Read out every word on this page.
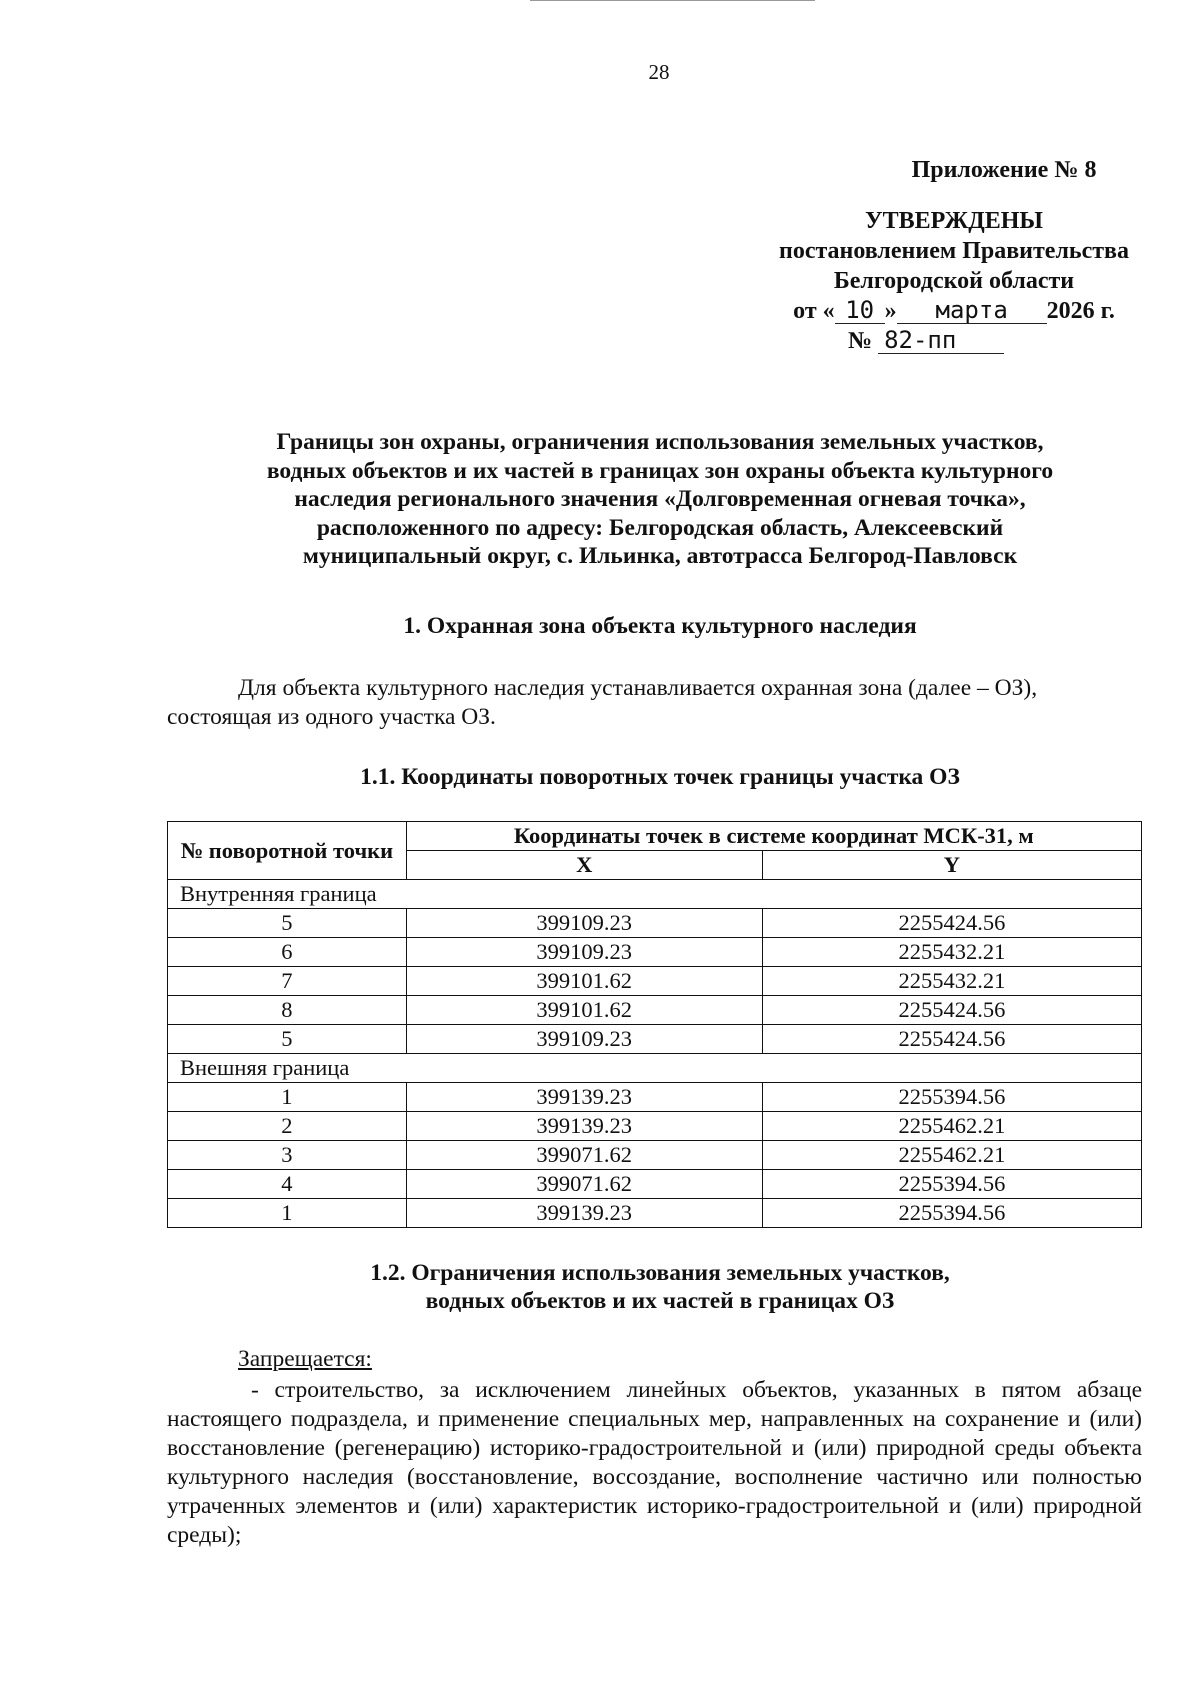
28
Приложение № 8
УТВЕРЖДЕНЫ
постановлением Правительства
Белгородской области
от « 10 » марта 2026 г.
№ 82-пп
Границы зон охраны, ограничения использования земельных участков,
водных объектов и их частей в границах зон охраны объекта культурного
наследия регионального значения «Долговременная огневая точка»,
расположенного по адресу: Белгородская область, Алексеевский
муниципальный округ, с. Ильинка, автотрасса Белгород-Павловск
1. Охранная зона объекта культурного наследия
Для объекта культурного наследия устанавливается охранная зона (далее – ОЗ),
состоящая из одного участка ОЗ.
1.1. Координаты поворотных точек границы участка ОЗ
№ поворотной точки	Координаты точек в системе координат МСК-31, м	
	X	Y
Внутренняя граница		
5	399109.23	2255424.56
6	399109.23	2255432.21
7	399101.62	2255432.21
8	399101.62	2255424.56
5	399109.23	2255424.56
Внешняя граница		
1	399139.23	2255394.56
2	399139.23	2255462.21
3	399071.62	2255462.21
4	399071.62	2255394.56
1	399139.23	2255394.56
1.2. Ограничения использования земельных участков,
водных объектов и их частей в границах ОЗ
Запрещается:
- строительство, за исключением линейных объектов, указанных в пятом абзаце настоящего подраздела, и применение специальных мер, направленных на сохранение и (или) восстановление (регенерацию) историко-градостроительной и (или) природной среды объекта культурного наследия (восстановление, воссоздание, восполнение частично или полностью утраченных элементов и (или) характеристик историко-градостроительной и (или) природной среды);
